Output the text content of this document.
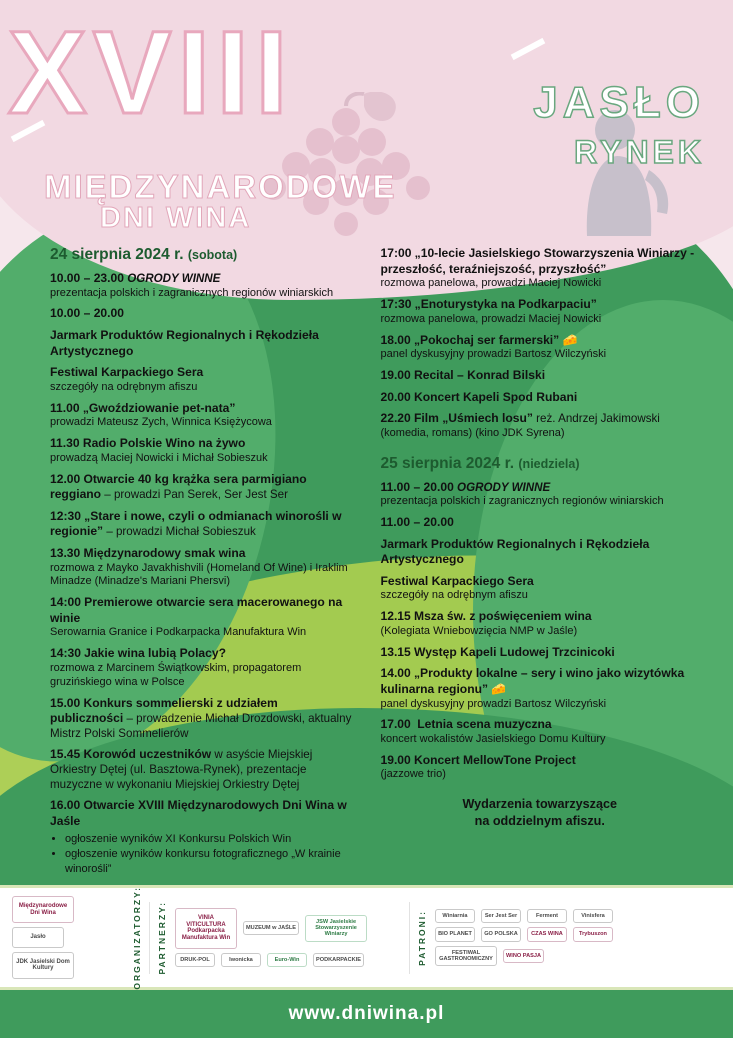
XVIII	JASŁO
RYNEK
MIĘDZYNARODOWE
DNI WINA
24 sierpnia 2024 r. (sobota)
10.00 – 23.00 OGRODY WINNE
prezentacja polskich i zagranicznych regionów winiarskich
10.00 – 20.00
Jarmark Produktów Regionalnych i Rękodzieła Artystycznego
Festiwal Karpackiego Sera
szczegóły na odrębnym afiszu
11.00 „Gwoździowanie pet-nata”
prowadzi Mateusz Zych, Winnica Księżycowa
11.30 Radio Polskie Wino na żywo
prowadzą Maciej Nowicki i Michał Sobieszuk
12.00 Otwarcie 40 kg krążka sera parmigiano reggiano – prowadzi Pan Serek, Ser Jest Ser
12:30 „Stare i nowe, czyli o odmianach winorośli w regionie” – prowadzi Michał Sobieszuk
13.30 Międzynarodowy smak wina
rozmowa z Mayko Javakhishvili (Homeland Of Wine) i Iraklim Minadze (Minadze's Mariani Phersvi)
14:00 Premierowe otwarcie sera macerowanego na winie
Serowarnia Granice i Podkarpacka Manufaktura Win
14:30 Jakie wina lubią Polacy?
rozmowa z Marcinem Świątkowskim, propagatorem gruzińskiego wina w Polsce
15.00 Konkurs sommelierski z udziałem publiczności – prowadzenie Michał Drozdowski, aktualny Mistrz Polski Sommelierów
15.45 Korowód uczestników w asyście Miejskiej Orkiestry Dętej (ul. Basztowa-Rynek), prezentacje muzyczne w wykonaniu Miejskiej Orkiestry Dętej
16.00 Otwarcie XVIII Międzynarodowych Dni Wina w Jaśle
• ogłoszenie wyników XI Konkursu Polskich Win
• ogłoszenie wyników konkursu fotograficznego „W krainie winorośli”
17:00 „10-lecie Jasielskiego Stowarzyszenia Winiarzy - przeszłość, teraźniejszość, przyszłość”
rozmowa panelowa, prowadzi Maciej Nowicki
17:30 „Enoturystyka na Podkarpaciu”
rozmowa panelowa, prowadzi Maciej Nowicki
18.00 „Pokochaj ser farmerski” 🧀
panel dyskusyjny prowadzi Bartosz Wilczyński
19.00 Recital – Konrad Bilski
20.00 Koncert Kapeli Spod Rubani
22.20 Film „Uśmiech losu” reż. Andrzej Jakimowski
(komedia, romans) (kino JDK Syrena)
25 sierpnia 2024 r. (niedziela)
11.00 – 20.00 OGRODY WINNE
prezentacja polskich i zagranicznych regionów winiarskich
11.00 – 20.00
Jarmark Produktów Regionalnych i Rękodzieła Artystycznego
Festiwal Karpackiego Sera
szczegóły na odrębnym afiszu
12.15 Msza św. z poświęceniem wina
(Kolegiata Wniebowzięcia NMP w Jaśle)
13.15 Występ Kapeli Ludowej Trzcinicoki
14.00 „Produkty lokalne – sery i wino jako wizytówka kulinarna regionu” 🧀
panel dyskusyjny prowadzi Bartosz Wilczyński
17.00 Letnia scena muzyczna
koncert wokalistów Jasielskiego Domu Kultury
19.00 Koncert MellowTone Project
(jazzowe trio)
Wydarzenia towarzyszące
na oddzielnym afiszu.
Międzynarodowe Dni Wina
Jasło
JDK Jasielski Dom Kultury	ORGANIZATORZY:	PARTNERZY:	VINIA VITICULTURA Podkarpacka Manufaktura Win
MUZEUM w JAŚLE
JSW Jasielskie Stowarzyszenie Winiarzy
DRUK-POL	Iwonicka	Euro-Win	PODKARPACKIE	PATRONI:	Winiarnia	Ser Jest Ser	Ferment	Vinisfera
BIO PLANET	GO POLSKA	CZAS WINA	Trybuszon
FESTIWAL GASTRONOMICZNY
WINO PASJA
www.dniwina.pl
